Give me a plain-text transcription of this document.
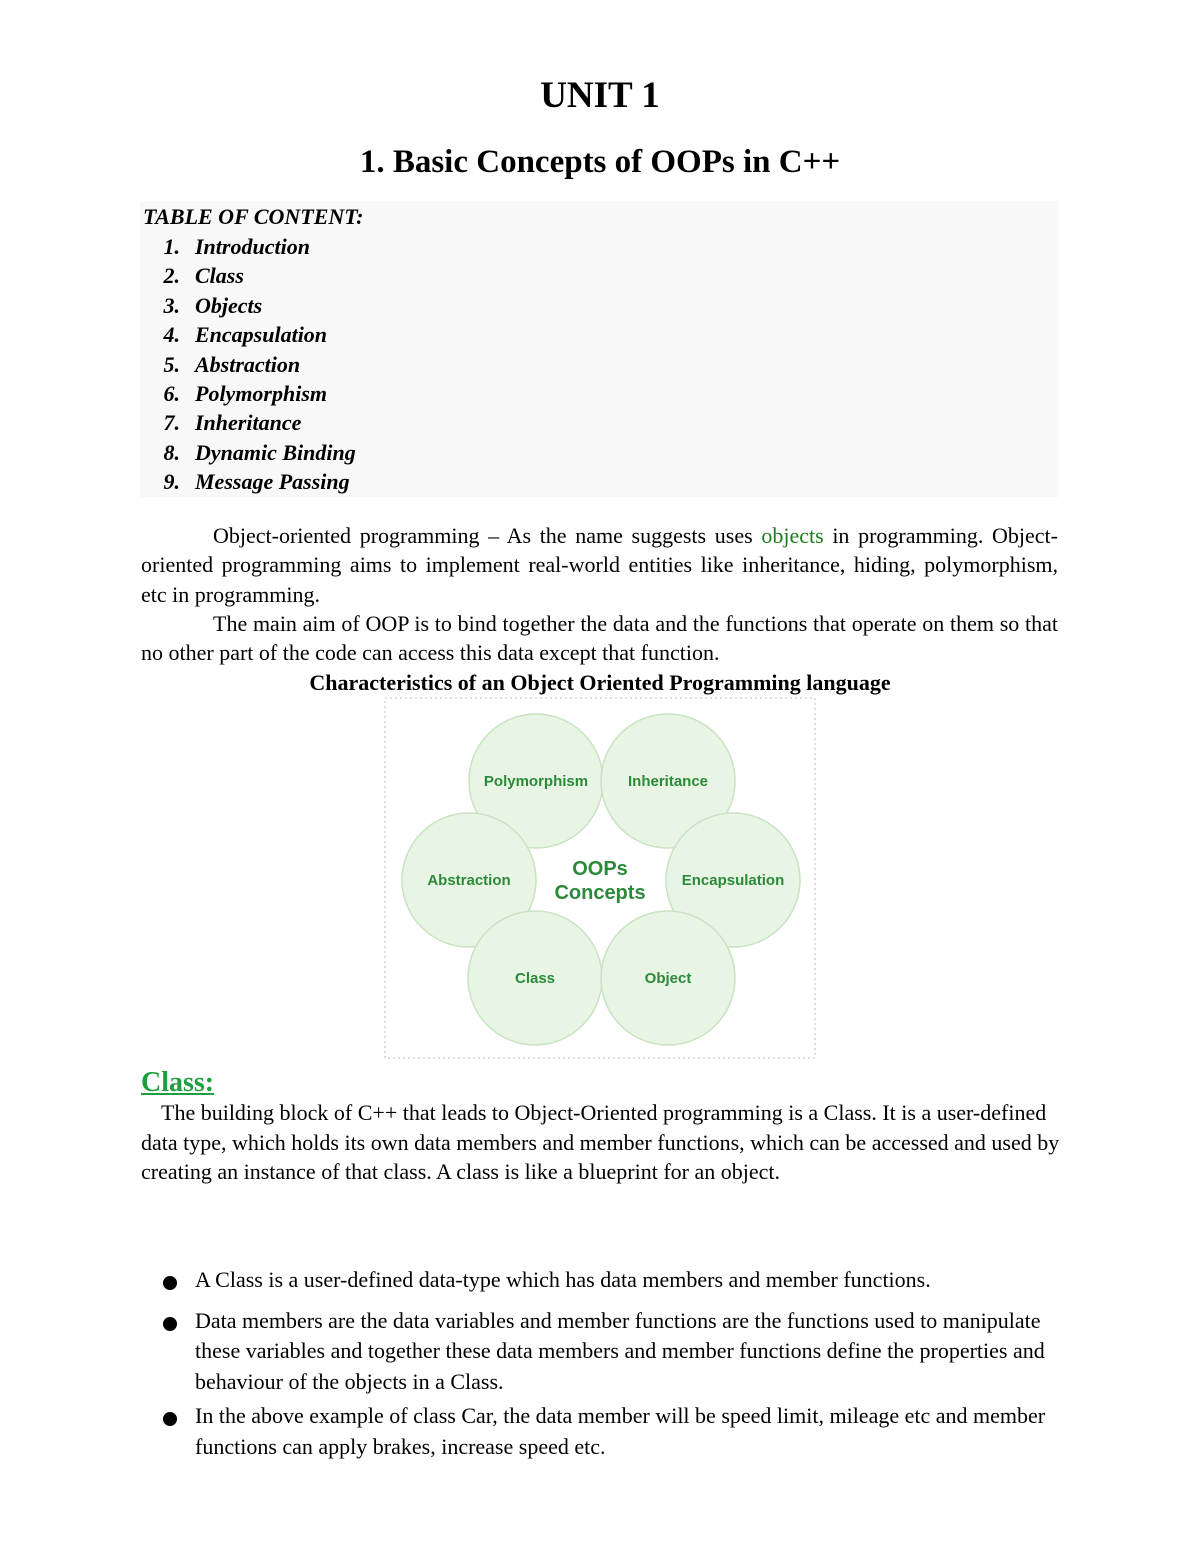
UNIT 1
1. Basic Concepts of OOPs in C++
TABLE OF CONTENT:
1. Introduction
2. Class
3. Objects
4. Encapsulation
5. Abstraction
6. Polymorphism
7. Inheritance
8. Dynamic Binding
9. Message Passing
Object-oriented programming – As the name suggests uses objects in programming. Object-oriented programming aims to implement real-world entities like inheritance, hiding, polymorphism, etc in programming.
The main aim of OOP is to bind together the data and the functions that operate on them so that no other part of the code can access this data except that function.
Characteristics of an Object Oriented Programming language
Polymorphism	Inheritance
Abstraction	Encapsulation
Class	Object
OOPs
Concepts
Class:
The building block of C++ that leads to Object-Oriented programming is a Class. It is a user-defined data type, which holds its own data members and member functions, which can be accessed and used by creating an instance of that class. A class is like a blueprint for an object.
A Class is a user-defined data-type which has data members and member functions.
Data members are the data variables and member functions are the functions used to manipulate these variables and together these data members and member functions define the properties and behaviour of the objects in a Class.
In the above example of class Car, the data member will be speed limit, mileage etc and member functions can apply brakes, increase speed etc.
